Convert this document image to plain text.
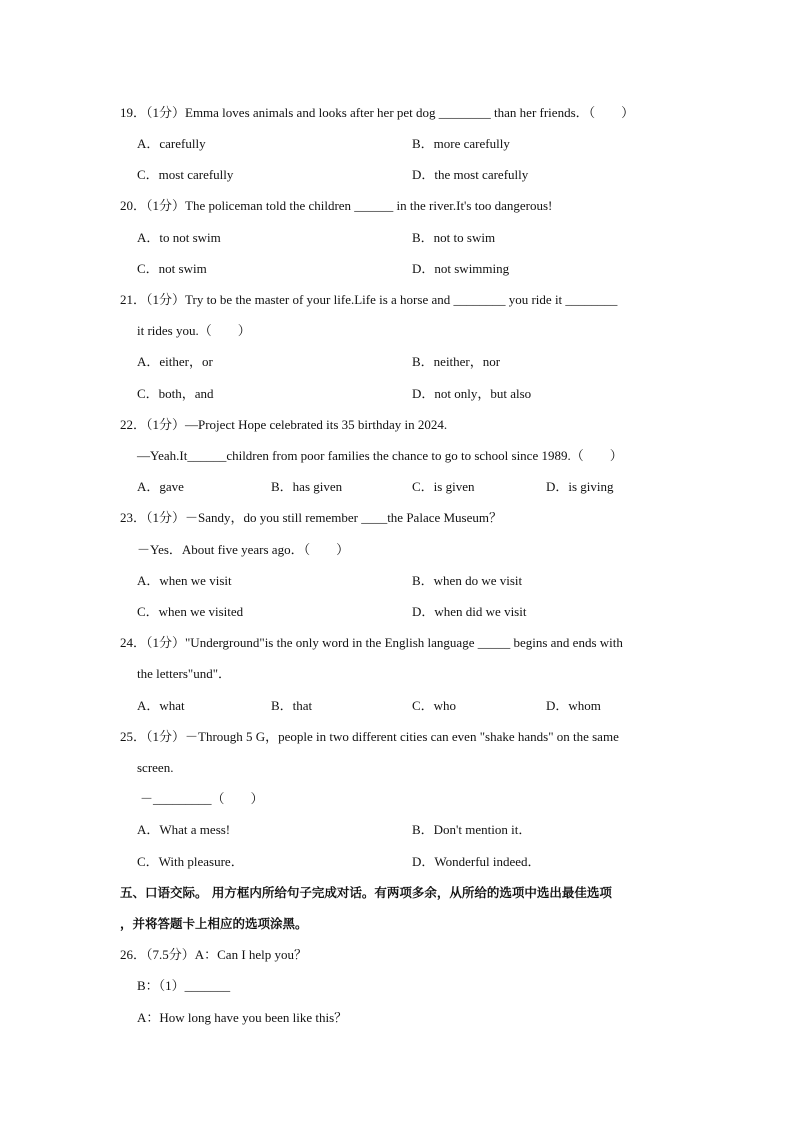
19．（1分）Emma loves animals and looks after her pet dog ________ than her friends．（　　）
A．carefully	B．more carefully
C．most carefully	D．the most carefully
20．（1分）The policeman told the children ______ in the river.It's too dangerous!
A．to not swim	B．not to swim
C．not swim	D．not swimming
21．（1分）Try to be the master of your life.Life is a horse and ________ you ride it ________
it rides you.（　　）
A．either，or	B．neither，nor
C．both，and	D．not only，but also
22．（1分）—Project Hope celebrated its 35 birthday in 2024.
—Yeah.It______children from poor families the chance to go to school since 1989.（　　）
A．gave	B．has given	C．is given	D．is giving
23．（1分）－Sandy，do you still remember ____the Palace Museum？
－Yes．About five years ago．（　　）
A．when we visit	B．when do we visit
C．when we visited	D．when did we visit
24．（1分）"Underground"is the only word in the English language _____ begins and ends with
the letters"und"．
A．what	B．that	C．who	D．whom
25．（1分）－Through 5 G，people in two different cities can even "shake hands" on the same
screen.
－_________（　　）
A．What a mess!	B．Don't mention it．
C．With pleasure．	D．Wonderful indeed．
五、口语交际。 用方框内所给句子完成对话。有两项多余，从所给的选项中选出最佳选项
，并将答题卡上相应的选项涂黑。
26．（7.5分）A：Can I help you？
B：（1）_______
A：How long have you been like this？
